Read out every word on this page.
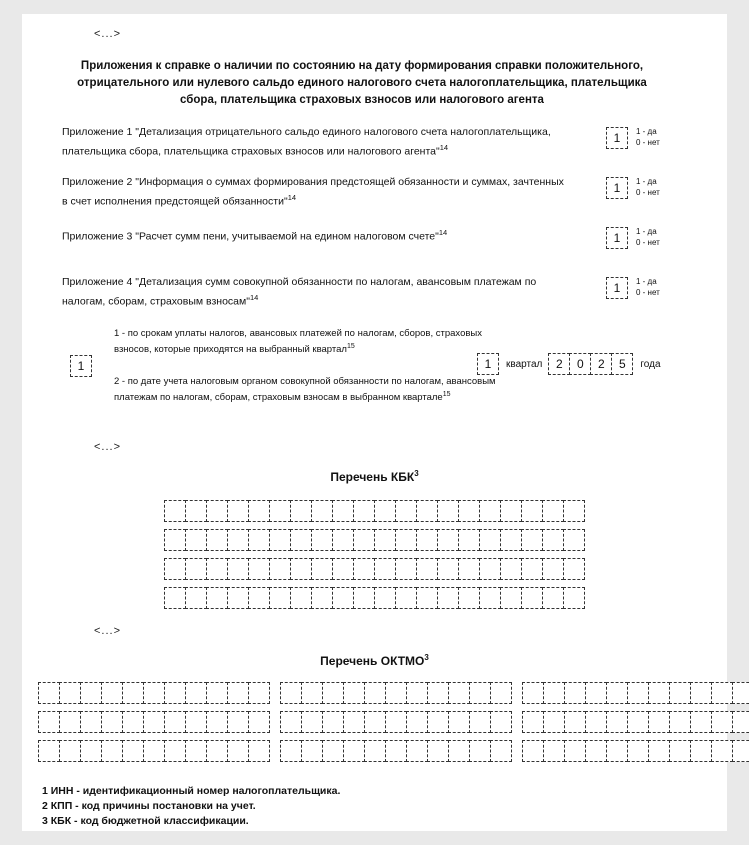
<...>
Приложения к справке о наличии по состоянию на дату формирования справки положительного, отрицательного или нулевого сальдо единого налогового счета налогоплательщика, плательщика сбора, плательщика страховых взносов или налогового агента
Приложение 1 "Детализация отрицательного сальдо единого налогового счета налогоплательщика, плательщика сбора, плательщика страховых взносов или налогового агента"$^{14}$
1	1 - да
0 - нет
Приложение 2 "Информация о суммах формирования предстоящей обязанности и суммах, зачтенных в счет исполнения предстоящей обязанности"$^{14}$
1	1 - да
0 - нет
Приложение 3 "Расчет сумм пени, учитываемой на едином налоговом счете"$^{14}$	1	1 - да
0 - нет
Приложение 4 "Детализация сумм совокупной обязанности по налогам, авансовым платежам по налогам, сборам, страховым взносам"$^{14}$
1	1 - да
0 - нет
1 - по срокам уплаты налогов, авансовых платежей по налогам, сборов, страховых взносов, которые приходятся на выбранный квартал$^{15}$
1
2 - по дате учета налоговым органом совокупной обязанности по налогам, авансовым платежам по налогам, сборам, страховым взносам в выбранном квартале$^{15}$
1	квартал	2	0	2	5	года
<...>
Перечень $КБК^3$
<...>
Перечень ОКТМО$^3$
1 ИНН - идентификационный номер налогоплательщика.
2 КПП - код причины постановки на учет.
3 КБК - код бюджетной классификации.
